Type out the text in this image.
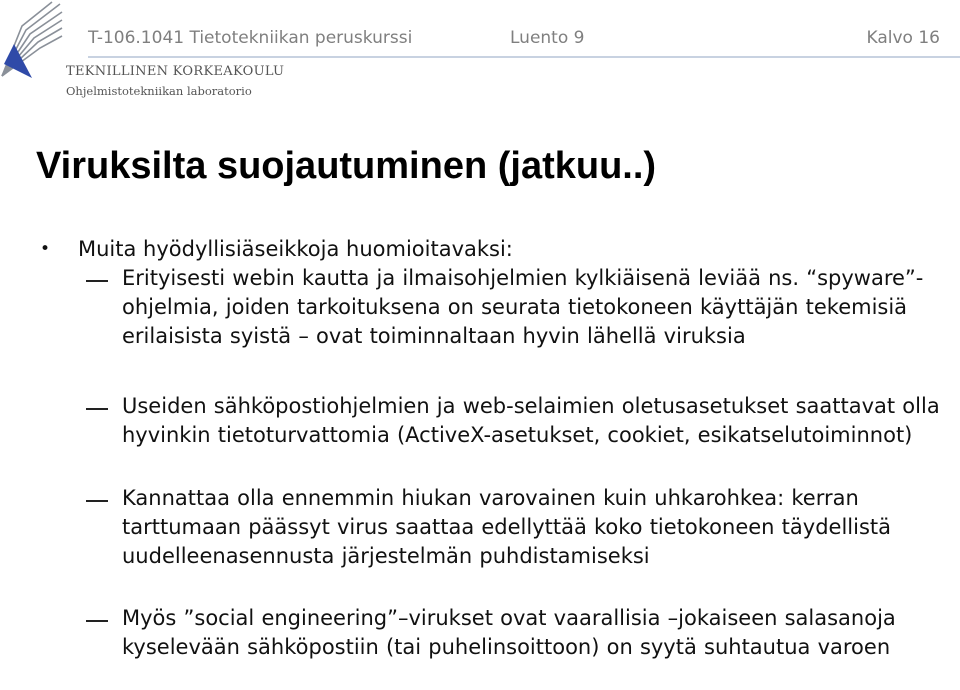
TEKNILLINEN KORKEAKOULU
Ohjelmistotekniikan laboratorio
T-106.1041 Tietotekniikan peruskurssi	Luento 9	Kalvo 16
Viruksilta suojautuminen (jatkuu..)
• Muita hyödyllisiäseikkoja huomioitavaksi:

Erityisesti webin kautta ja ilmaisohjelmien kylkiäisenä leviää ns. “spyware”-ohjelmia, joiden tarkoituksena on seurata tietokoneen käyttäjän tekemisiä erilaisista syistä – ovat toiminnaltaan hyvin lähellä viruksia

Useiden sähköpostiohjelmien ja web-selaimien oletusasetukset saattavat olla hyvinkin tietoturvattomia (ActiveX-asetukset, cookiet, esikatselutoiminnot)

Kannattaa olla ennemmin hiukan varovainen kuin uhkarohkea: kerran tarttumaan päässyt virus saattaa edellyttää koko tietokoneen täydellistä uudelleenasennusta järjestelmän puhdistamiseksi

Myös ”social engineering”–virukset ovat vaarallisia –jokaiseen salasanoja kyselevään sähköpostiin (tai puhelinsoittoon) on syytä suhtautua varoen
